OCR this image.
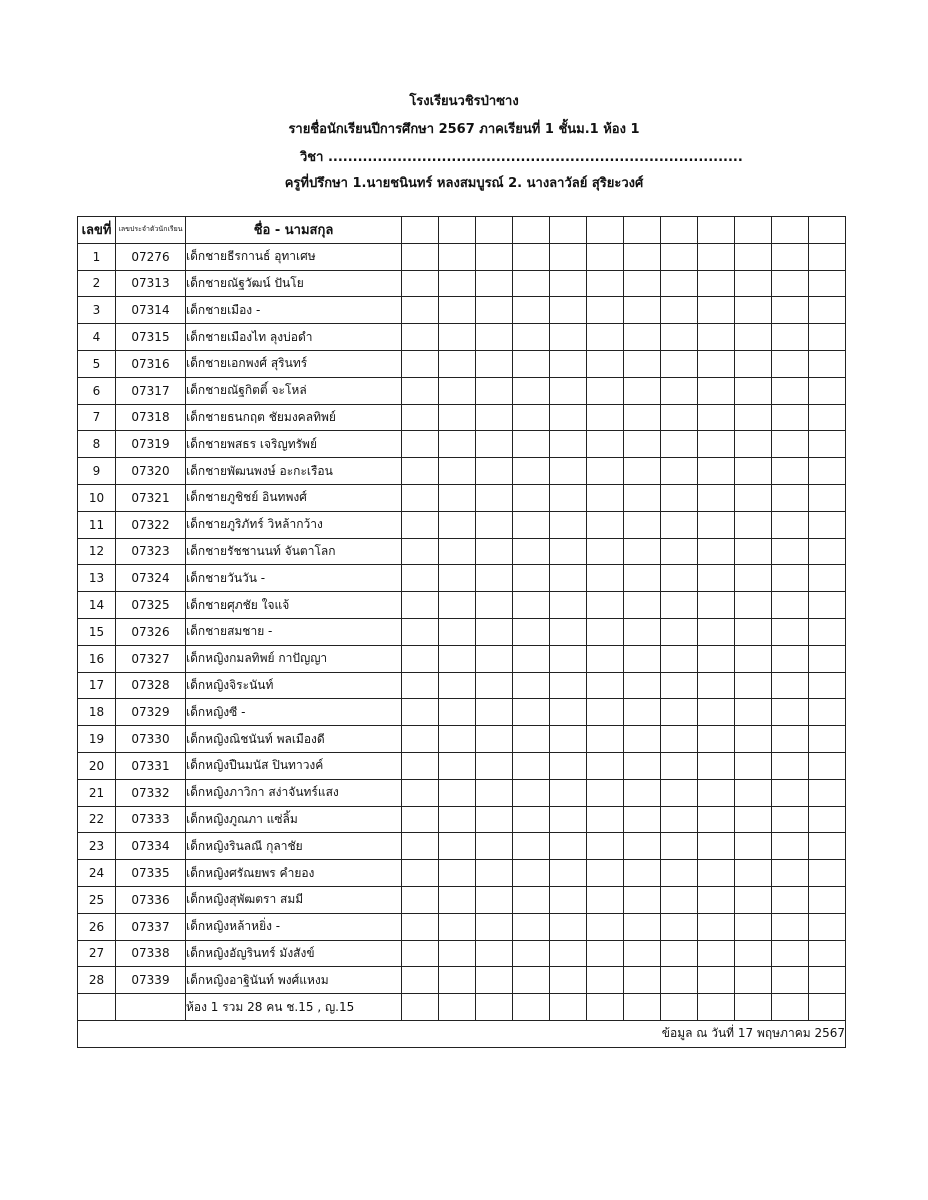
โรงเรียนวชิรป่าซาง
รายชื่อนักเรียนปีการศึกษา 2567 ภาคเรียนที่ 1 ชั้นม.1 ห้อง 1
วิชา ....................................................................................
ครูที่ปรึกษา 1.นายชนินทร์ หลงสมบูรณ์ 2. นางลาวัลย์ สุริยะวงศ์
เลขที่	เลขประจำตัวนักเรียน	ชื่อ - นามสกุล												
1	07276	เด็กชายธีรกานธ์ อุทาเศษ												
2	07313	เด็กชายณัฐวัฒน์ ปันโย												
3	07314	เด็กชายเมือง -												
4	07315	เด็กชายเมืองไท ลุงบ่อดำ												
5	07316	เด็กชายเอกพงศ์ สุรินทร์												
6	07317	เด็กชายณัฐกิตติ์ จะโหล่												
7	07318	เด็กชายธนกฤต ชัยมงคลทิพย์												
8	07319	เด็กชายพสธร เจริญทรัพย์												
9	07320	เด็กชายพัฒนพงษ์ อะกะเรือน												
10	07321	เด็กชายภูชิชย์ อินทพงศ์												
11	07322	เด็กชายภูริภัทร์ วิหล้ากว้าง												
12	07323	เด็กชายรัชชานนท์ จันตาโลก												
13	07324	เด็กชายวันวัน -												
14	07325	เด็กชายศุภชัย ใจแจ้												
15	07326	เด็กชายสมชาย -												
16	07327	เด็กหญิงกมลทิพย์ กาปัญญา												
17	07328	เด็กหญิงจิระนันท์												
18	07329	เด็กหญิงซี -												
19	07330	เด็กหญิงณิชนันท์ พลเมืองดี												
20	07331	เด็กหญิงปืนมนัส ปินทาวงค์												
21	07332	เด็กหญิงภาวิกา สง่าจันทร์แสง												
22	07333	เด็กหญิงภูณภา แซ่ลิ้ม												
23	07334	เด็กหญิงรินลณี กุลาชัย												
24	07335	เด็กหญิงศรัณยพร คำยอง												
25	07336	เด็กหญิงสุพัฒตรา สมมี												
26	07337	เด็กหญิงหล้าหยิ่ง -												
27	07338	เด็กหญิงอัญรินทร์ มังสังข์												
28	07339	เด็กหญิงอาฐินันท์ พงศ์แหงม												
		ห้อง 1 รวม 28 คน ช.15 , ญ.15												
ข้อมูล ณ วันที่ 17 พฤษภาคม 2567														
